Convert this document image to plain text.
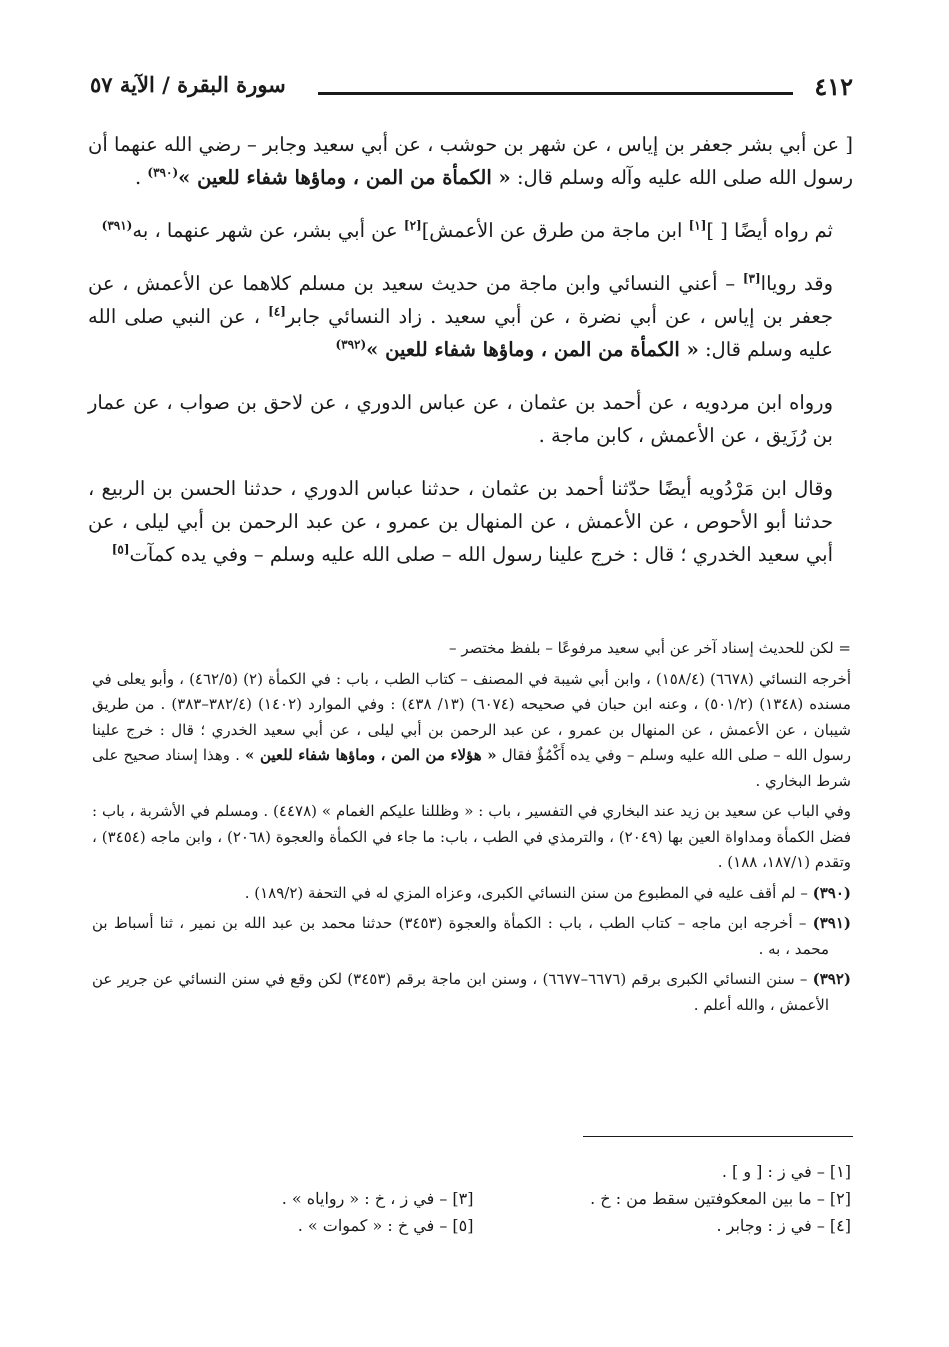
٤١٢
سورة البقرة / الآية ٥٧

[ عن أبي بشر جعفر بن إياس ، عن شهر بن حوشب ، عن أبي سعيد وجابر – رضي الله عنهما أن رسول الله صلى الله عليه وآله وسلم قال: « الكمأة من المن ، وماؤها شفاء للعين »$^{(٣٩٠)}$ .

ثم رواه أيضًا [ ][١] ابن ماجة من طرق عن الأعمش][٢] عن أبي بشر، عن شهر عنهما ، به$^{(٣٩١)}$

وقد روياا[٣] – أعني النسائي وابن ماجة من حديث سعيد بن مسلم كلاهما عن الأعمش ، عن جعفر بن إياس ، عن أبي نضرة ، عن أبي سعيد . زاد النسائي جابر[٤] ، عن النبي صلى الله عليه وسلم قال: « الكمأة من المن ، وماؤها شفاء للعين »$^{(٣٩٢)}$

ورواه ابن مردويه ، عن أحمد بن عثمان ، عن عباس الدوري ، عن لاحق بن صواب ، عن عمار بن رُزَيق ، عن الأعمش ، كابن ماجة .

وقال ابن مَرْدُويه أيضًا حدّثنا أحمد بن عثمان ، حدثنا عباس الدوري ، حدثنا الحسن بن الربيع ، حدثنا أبو الأحوص ، عن الأعمش ، عن المنهال بن عمرو ، عن عبد الرحمن بن أبي ليلى ، عن أبي سعيد الخدري ؛ قال : خرج علينا رسول الله – صلى الله عليه وسلم – وفي يده كمآت[٥]

= لكن للحديث إسناد آخر عن أبي سعيد مرفوعًا – بلفظ مختصر –

أخرجه النسائي (٦٦٧٨) (١٥٨/٤) ، وابن أبي شيبة في المصنف – كتاب الطب ، باب : في الكمأة (٢) (٤٦٢/٥) ، وأبو يعلى في مسنده (١٣٤٨) (٥٠١/٢) ، وعنه ابن حبان في صحيحه (٦٠٧٤) (١٣/ ٤٣٨) : وفي الموارد (١٤٠٢) (٣٨٢/٤–٣٨٣) . من طريق شيبان ، عن الأعمش ، عن المنهال بن عمرو ، عن عبد الرحمن بن أبي ليلى ، عن أبي سعيد الخدري ؛ قال : خرج علينا رسول الله – صلى الله عليه وسلم – وفي يده أَكْمُؤٌ فقال « هؤلاء من المن ، وماؤها شفاء للعين » . وهذا إسناد صحيح على شرط البخاري .

وفي الباب عن سعيد بن زيد عند البخاري في التفسير ، باب : « وظللنا عليكم الغمام » (٤٤٧٨) . ومسلم في الأشربة ، باب : فضل الكمأة ومداواة العين بها (٢٠٤٩) ، والترمذي في الطب ، باب: ما جاء في الكمأة والعجوة (٢٠٦٨) ، وابن ماجه (٣٤٥٤) ، وتقدم (١٨٧/١، ١٨٨) .

(٣٩٠) – لم أقف عليه في المطبوع من سنن النسائي الكبرى، وعزاه المزي له في التحفة (١٨٩/٢) .

(٣٩١) – أخرجه ابن ماجه – كتاب الطب ، باب : الكمأة والعجوة (٣٤٥٣) حدثنا محمد بن عبد الله بن نمير ، ثنا أسباط بن محمد ، به .

(٣٩٢) – سنن النسائي الكبرى برقم (٦٦٧٦–٦٦٧٧) ، وسنن ابن ماجة برقم (٣٤٥٣) لكن وقع في سنن النسائي عن جرير عن الأعمش ، والله أعلم .

[١] – في ز : [ و ] .
[٢] – ما بين المعكوفتين سقط من : خ .
[٣] – في ز ، خ : « رواياه » .
[٤] – في ز : وجابر .
[٥] – في خ : « كموات » .
